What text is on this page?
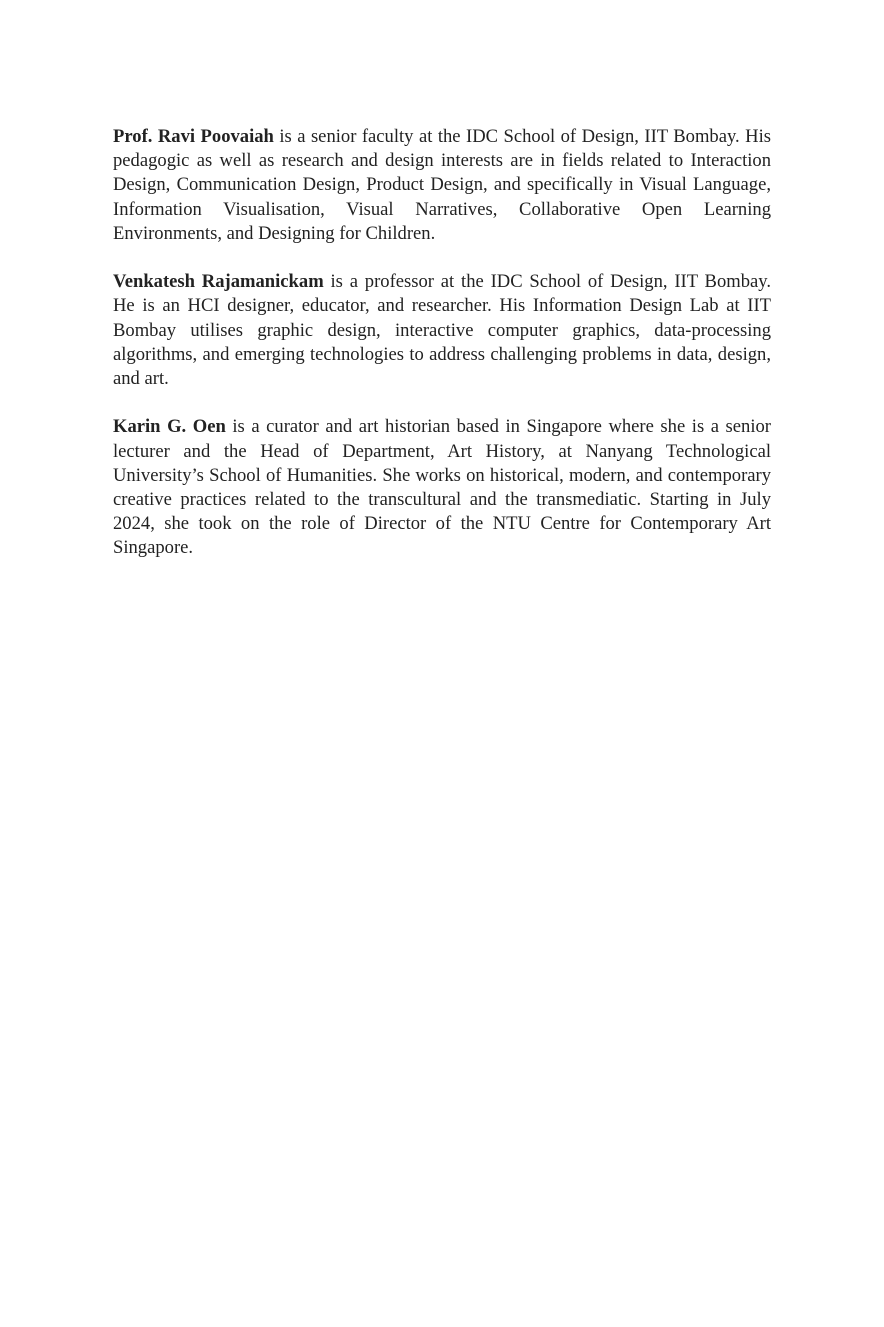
Prof. Ravi Poovaiah is a senior faculty at the IDC School of Design, IIT Bombay. His pedagogic as well as research and design interests are in fields related to Interaction Design, Communication Design, Product Design, and specifically in Visual Language, Information Visualisation, Visual Narratives, Collaborative Open Learning Environments, and Designing for Children.

Venkatesh Rajamanickam is a professor at the IDC School of Design, IIT Bombay. He is an HCI designer, educator, and researcher. His Information Design Lab at IIT Bombay utilises graphic design, interactive computer graphics, data-processing algorithms, and emerging technologies to address challenging problems in data, design, and art.

Karin G. Oen is a curator and art historian based in Singapore where she is a senior lecturer and the Head of Department, Art History, at Nanyang Technological University’s School of Humanities. She works on historical, modern, and contemporary creative practices related to the transcultural and the transmediatic. Starting in July 2024, she took on the role of Director of the NTU Centre for Contemporary Art Singapore.
